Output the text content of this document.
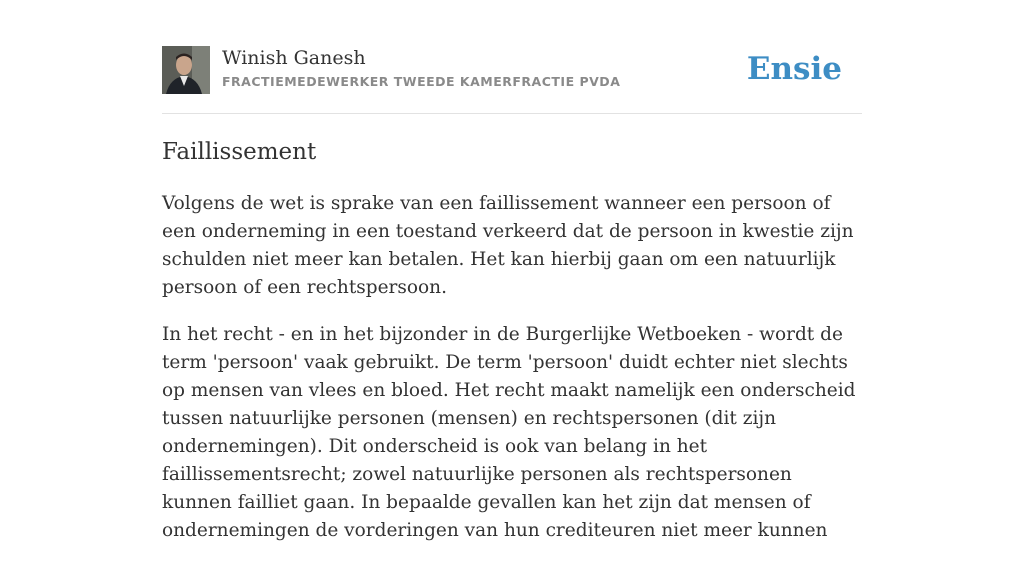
Winish Ganesh
FRACTIEMEDEWERKER TWEEDE KAMERFRACTIE PVDA	Ensie
Faillissement

Volgens de wet is sprake van een faillissement wanneer een persoon of een onderneming in een toestand verkeerd dat de persoon in kwestie zijn schulden niet meer kan betalen. Het kan hierbij gaan om een natuurlijk persoon of een rechtspersoon.

In het recht - en in het bijzonder in de Burgerlijke Wetboeken - wordt de term 'persoon' vaak gebruikt. De term 'persoon' duidt echter niet slechts op mensen van vlees en bloed. Het recht maakt namelijk een onderscheid tussen natuurlijke personen (mensen) en rechtspersonen (dit zijn ondernemingen). Dit onderscheid is ook van belang in het faillissementsrecht; zowel natuurlijke personen als rechtspersonen kunnen failliet gaan. In bepaalde gevallen kan het zijn dat mensen of ondernemingen de vorderingen van hun crediteuren niet meer kunnen
